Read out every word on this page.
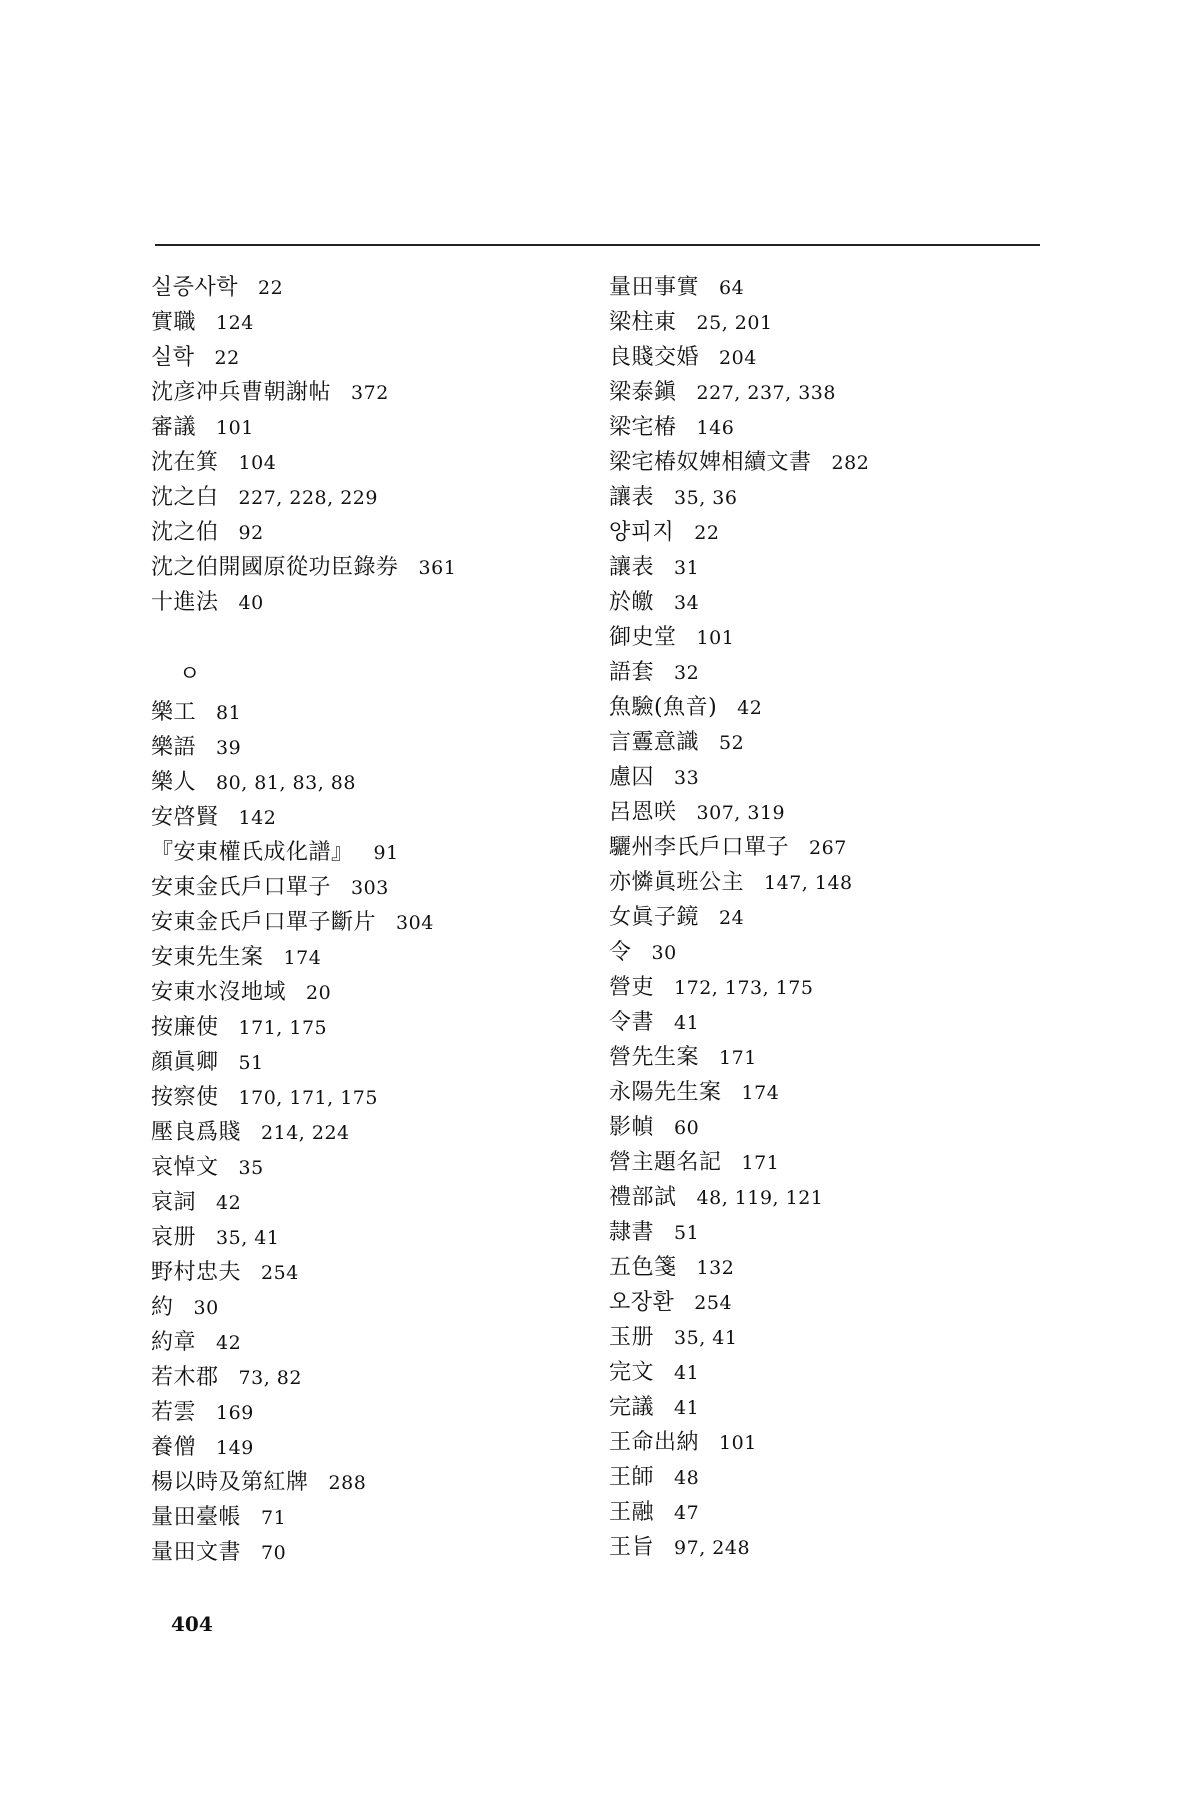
실증사학 22
實職 124
실학 22
沈彦冲兵曹朝謝帖 372
審議 101
沈在箕 104
沈之白 227, 228, 229
沈之伯 92
沈之伯開國原從功臣錄券 361
十進法 40
ㅇ
樂工 81
樂語 39
樂人 80, 81, 83, 88
安啓賢 142
『安東權氏成化譜』 91
安東金氏戶口單子 303
安東金氏戶口單子斷片 304
安東先生案 174
安東水沒地域 20
按廉使 171, 175
顔眞卿 51
按察使 170, 171, 175
壓良爲賤 214, 224
哀悼文 35
哀詞 42
哀册 35, 41
野村忠夫 254
約 30
約章 42
若木郡 73, 82
若雲 169
養僧 149
楊以時及第紅牌 288
量田臺帳 71
量田文書 70
量田事實 64
梁柱東 25, 201
良賤交婚 204
梁泰鎭 227, 237, 338
梁宅椿 146
梁宅椿奴婢相續文書 282
讓表 35, 36
양피지 22
讓表 31
於皦 34
御史堂 101
語套 32
魚驗(魚音) 42
言霻意識 52
慮囚 33
呂恩咲 307, 319
驪州李氏戶口單子 267
亦憐眞班公主 147, 148
女眞子鏡 24
令 30
營吏 172, 173, 175
令書 41
營先生案 171
永陽先生案 174
影幀 60
營主題名記 171
禮部試 48, 119, 121
隷書 51
五色箋 132
오장환 254
玉册 35, 41
完文 41
完議 41
王命出納 101
王師 48
王融 47
王旨 97, 248
404
